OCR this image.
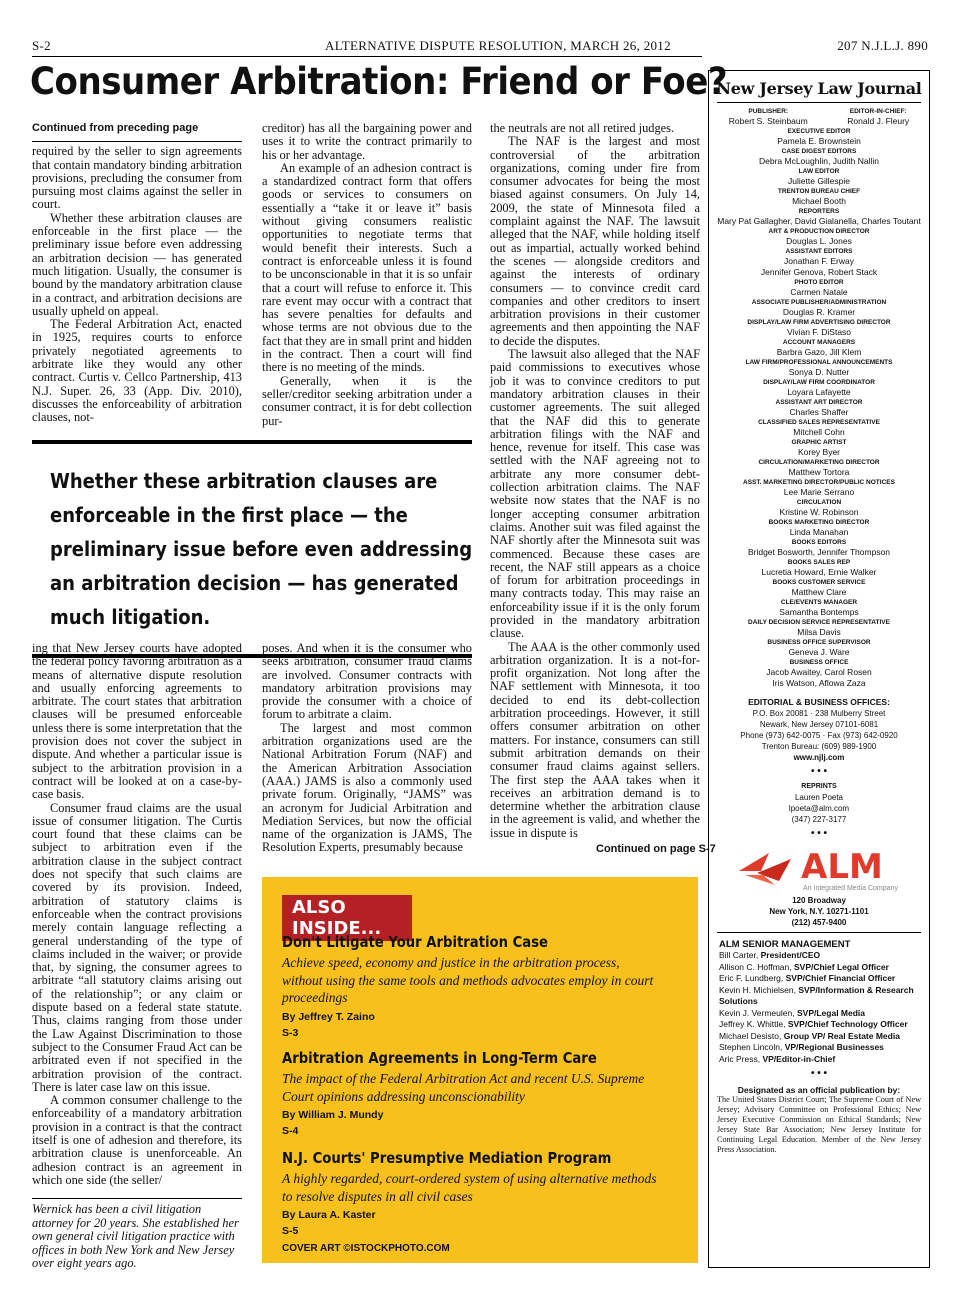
S-2	ALTERNATIVE DISPUTE RESOLUTION, MARCH 26, 2012	207 N.J.L.J. 890
Consumer Arbitration: Friend or Foe?
Continued from preceding page

required by the seller to sign agreements that contain mandatory binding arbitration provisions, precluding the consumer from pursuing most claims against the seller in court.

Whether these arbitration clauses are enforceable in the first place — the preliminary issue before even addressing an arbitration decision — has generated much litigation. Usually, the consumer is bound by the mandatory arbitration clause in a contract, and arbitration decisions are usually upheld on appeal.

The Federal Arbitration Act, enacted in 1925, requires courts to enforce privately negotiated agreements to arbitrate like they would any other contract. Curtis v. Cellco Partnership, 413 N.J. Super. 26, 33 (App. Div. 2010), discusses the enforceability of arbitration clauses, not-

creditor) has all the bargaining power and uses it to write the contract primarily to his or her advantage.

An example of an adhesion contract is a standardized contract form that offers goods or services to consumers on essentially a “take it or leave it” basis without giving consumers realistic opportunities to negotiate terms that would benefit their interests. Such a contract is enforceable unless it is found to be unconscionable in that it is so unfair that a court will refuse to enforce it. This rare event may occur with a contract that has severe penalties for defaults and whose terms are not obvious due to the fact that they are in small print and hidden in the contract. Then a court will find there is no meeting of the minds.

Generally, when it is the seller/creditor seeking arbitration under a consumer contract, it is for debt collection pur-

the neutrals are not all retired judges.

The NAF is the largest and most controversial of the arbitration organizations, coming under fire from consumer advocates for being the most biased against consumers. On July 14, 2009, the state of Minnesota filed a complaint against the NAF. The lawsuit alleged that the NAF, while holding itself out as impartial, actually worked behind the scenes — alongside creditors and against the interests of ordinary consumers — to convince credit card companies and other creditors to insert arbitration provisions in their customer agreements and then appointing the NAF to decide the disputes.

The lawsuit also alleged that the NAF paid commissions to executives whose job it was to convince creditors to put mandatory arbitration clauses in their customer agreements. The suit alleged that the NAF did this to generate arbitration filings with the NAF and hence, revenue for itself. This case was settled with the NAF agreeing not to arbitrate any more consumer debt-collection arbitration claims. The NAF website now states that the NAF is no longer accepting consumer arbitration claims. Another suit was filed against the NAF shortly after the Minnesota suit was commenced. Because these cases are recent, the NAF still appears as a choice of forum for arbitration proceedings in many contracts today. This may raise an enforceability issue if it is the only forum provided in the mandatory arbitration clause.

The AAA is the other commonly used arbitration organization. It is a not-for-profit organization. Not long after the NAF settlement with Minnesota, it too decided to end its debt-collection arbitration proceedings. However, it still offers consumer arbitration on other matters. For instance, consumers can still submit arbitration demands on their consumer fraud claims against sellers. The first step the AAA takes when it receives an arbitration demand is to determine whether the arbitration clause in the agreement is valid, and whether the issue in dispute is

Whether these arbitration clauses are enforceable in the first place — the preliminary issue before even addressing an arbitration decision — has generated much litigation.

ing that New Jersey courts have adopted the federal policy favoring arbitration as a means of alternative dispute resolution and usually enforcing agreements to arbitrate. The court states that arbitration clauses will be presumed enforceable unless there is some interpretation that the provision does not cover the subject in dispute. And whether a particular issue is subject to the arbitration provision in a contract will be looked at on a case-by-case basis.

Consumer fraud claims are the usual issue of consumer litigation. The Curtis court found that these claims can be subject to arbitration even if the arbitration clause in the subject contract does not specify that such claims are covered by its provision. Indeed, arbitration of statutory claims is enforceable when the contract provisions merely contain language reflecting a general understanding of the type of claims included in the waiver; or provide that, by signing, the consumer agrees to arbitrate “all statutory claims arising out of the relationship”; or any claim or dispute based on a federal state statute. Thus, claims ranging from those under the Law Against Discrimination to those subject to the Consumer Fraud Act can be arbitrated even if not specified in the arbitration provision of the contract. There is later case law on this issue.

A common consumer challenge to the enforceability of a mandatory arbitration provision in a contract is that the contract itself is one of adhesion and therefore, its arbitration clause is unenforceable. An adhesion contract is an agreement in which one side (the seller/

poses. And when it is the consumer who seeks arbitration, consumer fraud claims are involved. Consumer contracts with mandatory arbitration provisions may provide the consumer with a choice of forum to arbitrate a claim.

The largest and most common arbitration organizations used are the National Arbitration Forum (NAF) and the American Arbitration Association (AAA.) JAMS is also a commonly used private forum. Originally, “JAMS” was an acronym for Judicial Arbitration and Mediation Services, but now the official name of the organization is JAMS, The Resolution Experts, presumably because	Continued on page S-7
Wernick has been a civil litigation attorney for 20 years. She established her own general civil litigation practice with offices in both New York and New Jersey over eight years ago.
ALSO INSIDE...
Don't Litigate Your Arbitration Case
Achieve speed, economy and justice in the arbitration process, without using the same tools and methods advocates employ in court proceedings
By Jeffrey T. Zaino
S-3
Arbitration Agreements in Long-Term Care
The impact of the Federal Arbitration Act and recent U.S. Supreme Court opinions addressing unconscionability
By William J. Mundy
S-4
N.J. Courts' Presumptive Mediation Program
A highly regarded, court-ordered system of using alternative methods to resolve disputes in all civil cases
By Laura A. Kaster
S-5
COVER ART ©ISTOCKPHOTO.COM
New Jersey Law Journal
PUBLISHER:
Robert S. Steinbaum
EDITOR-IN-CHIEF:
Ronald J. Fleury
EXECUTIVE EDITOR
Pamela E. Brownstein
CASE DIGEST EDITORS
Debra McLoughlin, Judith Nallin
LAW EDITOR
Juliette Gillespie
TRENTON BUREAU CHIEF
Michael Booth
REPORTERS
Mary Pat Gallagher, David Gialanella, Charles Toutant
ART & PRODUCTION DIRECTOR
Douglas L. Jones
ASSISTANT EDITORS
Jonathan F. Erway
Jennifer Genova, Robert Stack
PHOTO EDITOR
Carmen Natale
ASSOCIATE PUBLISHER/ADMINISTRATION
Douglas R. Kramer
DISPLAY/LAW FIRM ADVERTISING DIRECTOR
Vivian F. DiStaso
ACCOUNT MANAGERS
Barbra Gazo, Jill Klem
LAW FIRM/PROFESSIONAL ANNOUNCEMENTS
Sonya D. Nutter
DISPLAY/LAW FIRM COORDINATOR
Loyara Lafayette
ASSISTANT ART DIRECTOR
Charles Shaffer
CLASSIFIED SALES REPRESENTATIVE
Mitchell Cohn
GRAPHIC ARTIST
Korey Byer
CIRCULATION/MARKETING DIRECTOR
Matthew Tortora
ASST. MARKETING DIRECTOR/PUBLIC NOTICES
Lee Marie Serrano
CIRCULATION
Kristine W. Robinson
BOOKS MARKETING DIRECTOR
Linda Manahan
BOOKS EDITORS
Bridget Bosworth, Jennifer Thompson
BOOKS SALES REP
Lucretia Howard, Ernie Walker
BOOKS CUSTOMER SERVICE
Matthew Clare
CLE/EVENTS MANAGER
Samantha Bontemps
DAILY DECISION SERVICE REPRESENTATIVE
Milsa Davis
BUSINESS OFFICE SUPERVISOR
Geneva J. Ware
BUSINESS OFFICE
Jacob Awaitey, Carol Rosen
Iris Watson, Aflowa Zaza
EDITORIAL & BUSINESS OFFICES:
P.O. Box 20081 · 238 Mulberry Street
Newark, New Jersey 07101-6081
Phone (973) 642-0075 · Fax (973) 642-0920
Trenton Bureau: (609) 989-1900
www.njlj.com
• • •
REPRINTS
Lauren Poeta
lpoeta@alm.com
(347) 227-3177
• • •
ALM
An Integrated Media Company
120 Broadway
New York, N.Y. 10271-1101
(212) 457-9400
ALM SENIOR MANAGEMENT
Bill Carter, President/CEO
Allison C. Hoffman, SVP/Chief Legal Officer
Eric F. Lundberg, SVP/Chief Financial Officer
Kevin H. Michielsen, SVP/Information & Research Solutions
Kevin J. Vermeulen, SVP/Legal Media
Jeffrey K. Whittle, SVP/Chief Technology Officer
Michael Desisto, Group VP/ Real Estate Media
Stephen Lincoln, VP/Regional Businesses
Aric Press, VP/Editor-in-Chief
• • •
Designated as an official publication by:
The United States District Court; The Supreme Court of New Jersey; Advisory Committee on Professional Ethics; New Jersey Executive Commission on Ethical Standards; New Jersey State Bar Association; New Jersey Institute for Continuing Legal Education. Member of the New Jersey Press Association.
